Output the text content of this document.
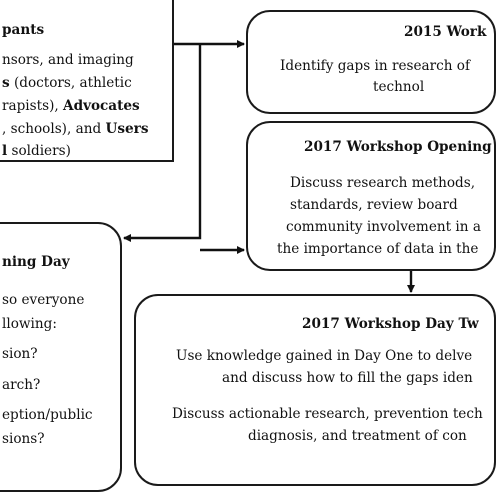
pants
nsors, and imaging
s (doctors, athletic
rapists), Advocates
, schools), and Users
l soldiers)
2015 Work
Identify gaps in research of
technol
2017 Workshop Opening
Discuss research methods,
standards, review board
community involvement in a
the importance of data in the
ning Day
so everyone
llowing:
sion?
arch?
eption/public
sions?
2017 Workshop Day Tw
Use knowledge gained in Day One to delve
and discuss how to fill the gaps iden
Discuss actionable research, prevention tech
diagnosis, and treatment of con
